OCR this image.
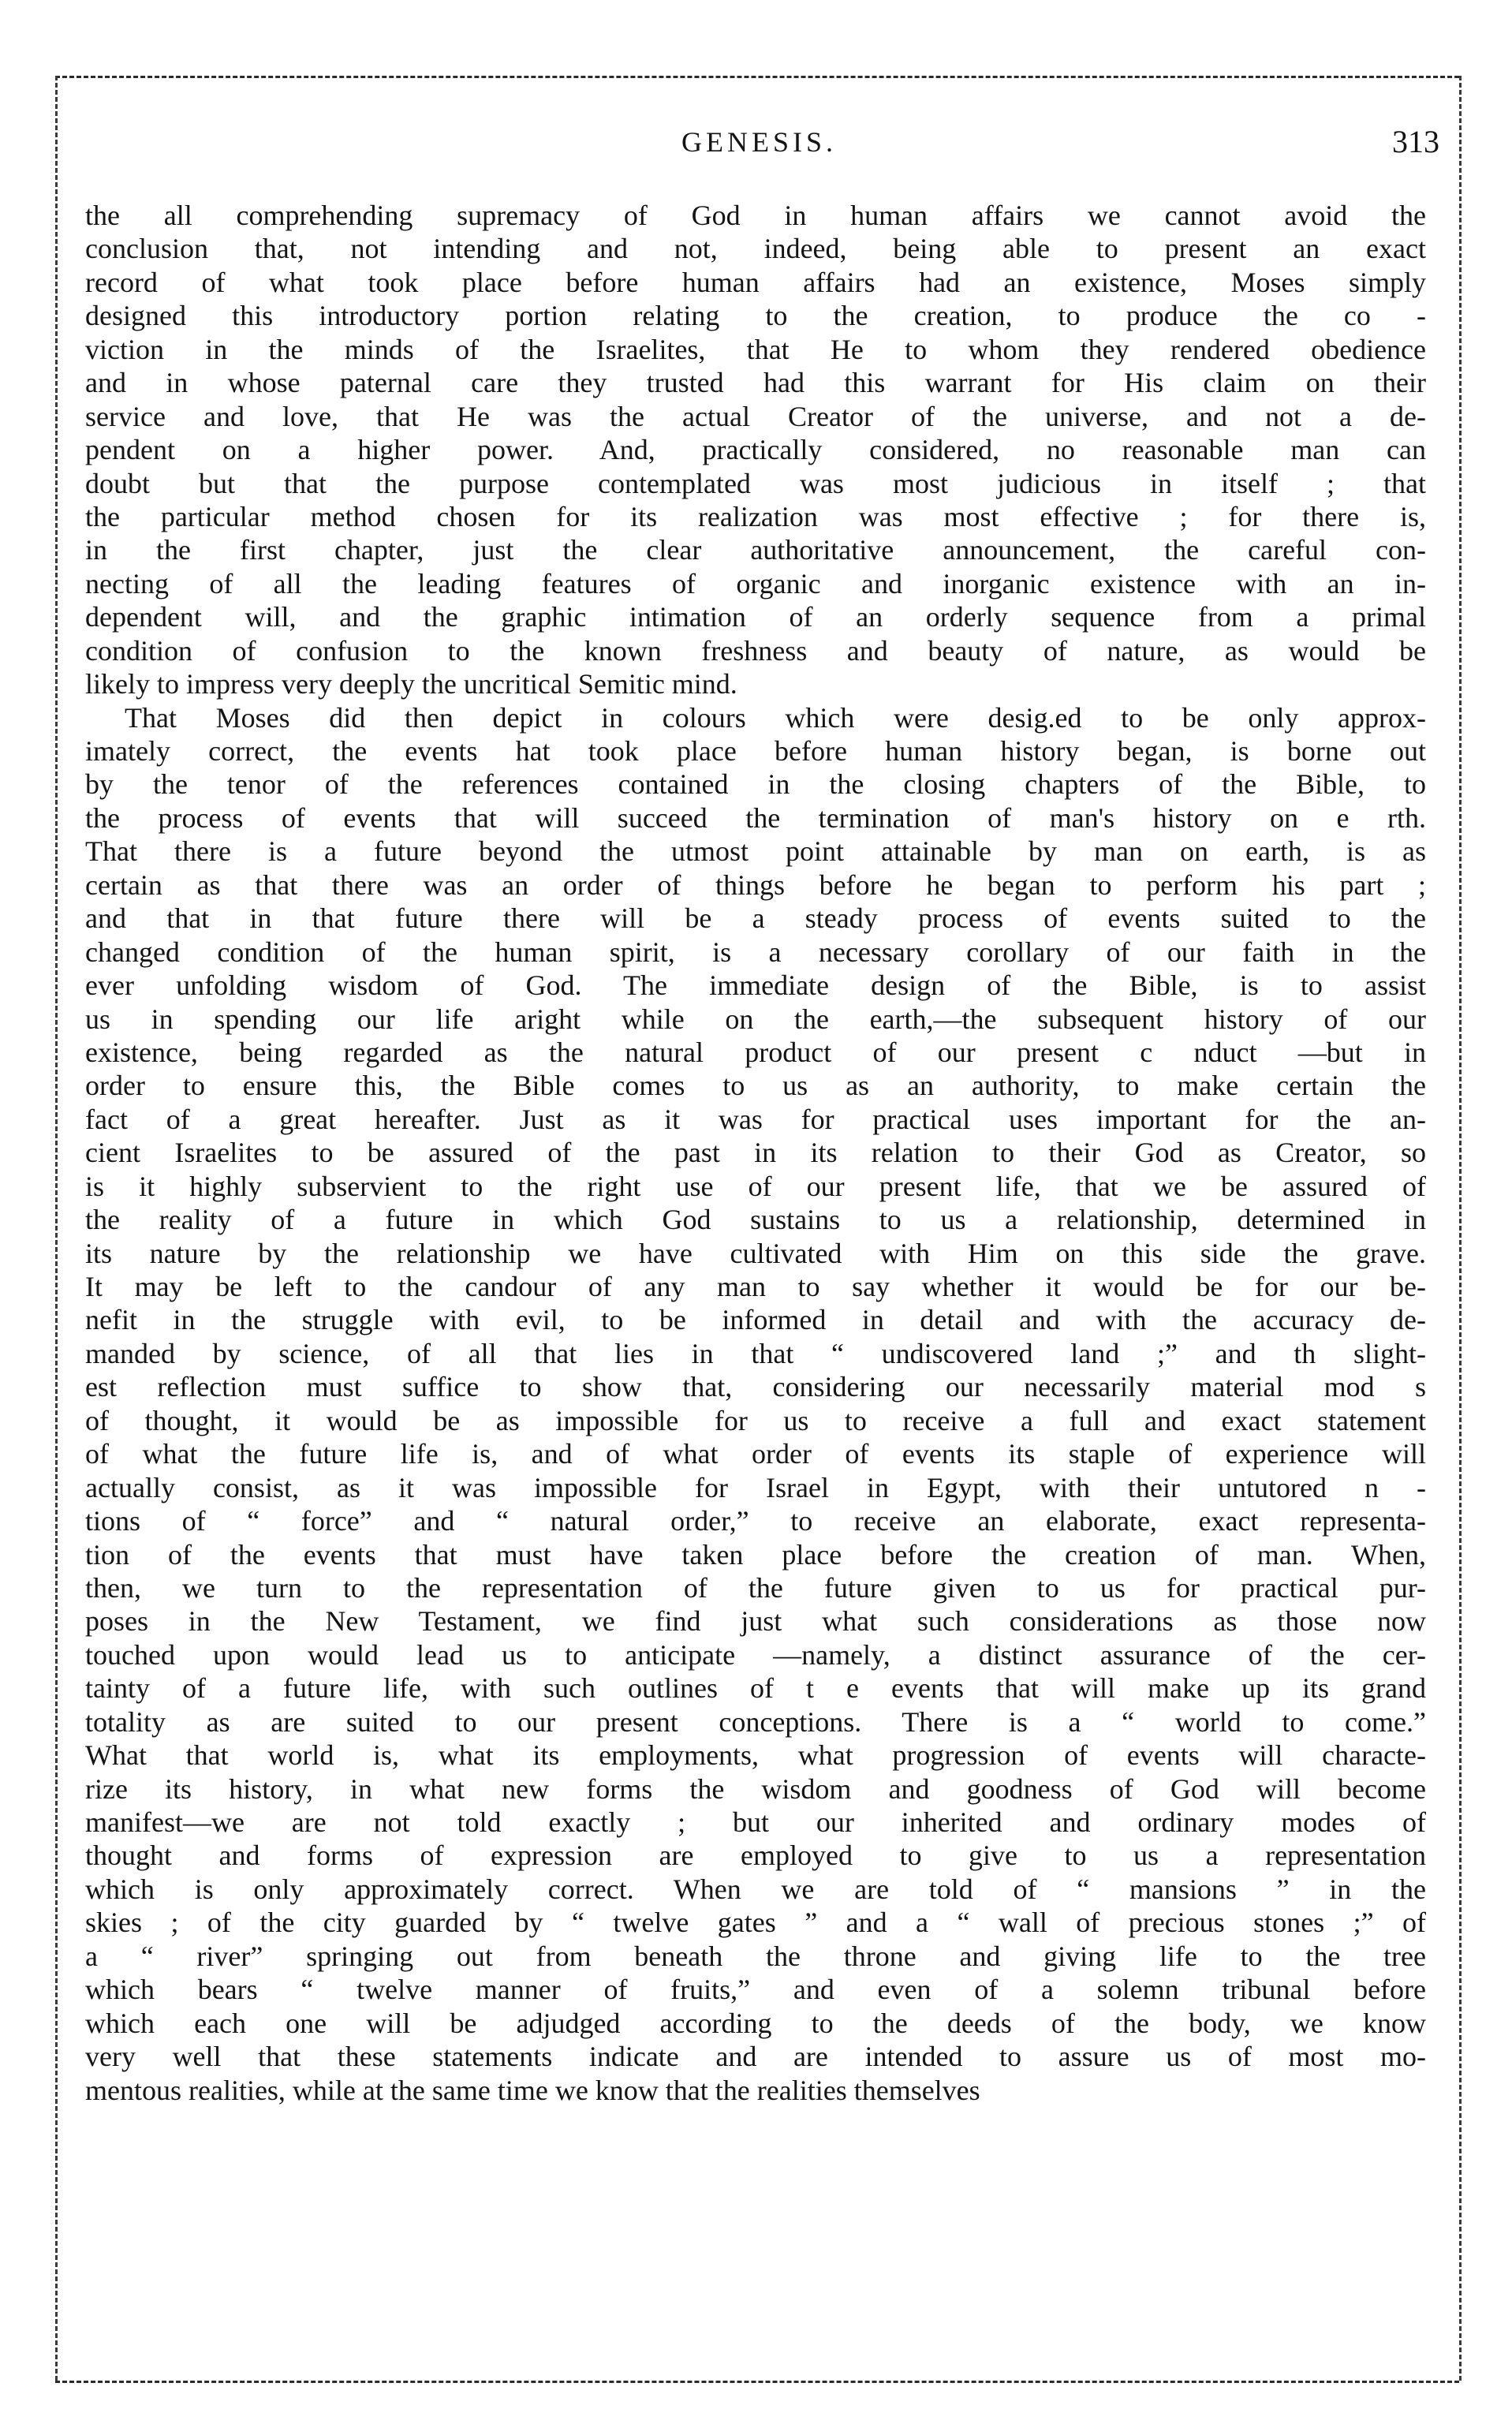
GENESIS.	313
the all comprehending supremacy of God in human affairs we cannot avoid the
conclusion that, not intending and not, indeed, being able to present an exact
record of what took place before human affairs had an existence, Moses simply
designed this introductory portion relating to the creation, to produce the co -
viction in the minds of the Israelites, that He to whom they rendered obedience
and in whose paternal care they trusted had this warrant for His claim on their
service and love, that He was the actual Creator of the universe, and not a de-
pendent on a higher power. And, practically considered, no reasonable man can
doubt but that the purpose contemplated was most judicious in itself ; that
the particular method chosen for its realization was most effective ; for there is,
in the first chapter, just the clear authoritative announcement, the careful con-
necting of all the leading features of organic and inorganic existence with an in-
dependent will, and the graphic intimation of an orderly sequence from a primal
condition of confusion to the known freshness and beauty of nature, as would be
likely to impress very deeply the uncritical Semitic mind.
That Moses did then depict in colours which were desig.ed to be only approx-
imately correct, the events hat took place before human history began, is borne out
by the tenor of the references contained in the closing chapters of the Bible, to
the process of events that will succeed the termination of man's history on e rth.
That there is a future beyond the utmost point attainable by man on earth, is as
certain as that there was an order of things before he began to perform his part ;
and that in that future there will be a steady process of events suited to the
changed condition of the human spirit, is a necessary corollary of our faith in the
ever unfolding wisdom of God. The immediate design of the Bible, is to assist
us in spending our life aright while on the earth,—the subsequent history of our
existence, being regarded as the natural product of our present c nduct —but in
order to ensure this, the Bible comes to us as an authority, to make certain the
fact of a great hereafter. Just as it was for practical uses important for the an-
cient Israelites to be assured of the past in its relation to their God as Creator, so
is it highly subservient to the right use of our present life, that we be assured of
the reality of a future in which God sustains to us a relationship, determined in
its nature by the relationship we have cultivated with Him on this side the grave.
It may be left to the candour of any man to say whether it would be for our be-
nefit in the struggle with evil, to be informed in detail and with the accuracy de-
manded by science, of all that lies in that “ undiscovered land ;” and th slight-
est reflection must suffice to show that, considering our necessarily material mod s
of thought, it would be as impossible for us to receive a full and exact statement
of what the future life is, and of what order of events its staple of experience will
actually consist, as it was impossible for Israel in Egypt, with their untutored n -
tions of “ force” and “ natural order,” to receive an elaborate, exact representa-
tion of the events that must have taken place before the creation of man. When,
then, we turn to the representation of the future given to us for practical pur-
poses in the New Testament, we find just what such considerations as those now
touched upon would lead us to anticipate —namely, a distinct assurance of the cer-
tainty of a future life, with such outlines of t e events that will make up its grand
totality as are suited to our present conceptions. There is a “ world to come.”
What that world is, what its employments, what progression of events will characte-
rize its history, in what new forms the wisdom and goodness of God will become
manifest—we are not told exactly ; but our inherited and ordinary modes of
thought and forms of expression are employed to give to us a representation
which is only approximately correct. When we are told of “ mansions ” in the
skies ; of the city guarded by “ twelve gates ” and a “ wall of precious stones ;” of
a “ river” springing out from beneath the throne and giving life to the tree
which bears “ twelve manner of fruits,” and even of a solemn tribunal before
which each one will be adjudged according to the deeds of the body, we know
very well that these statements indicate and are intended to assure us of most mo-
mentous realities, while at the same time we know that the realities themselves
